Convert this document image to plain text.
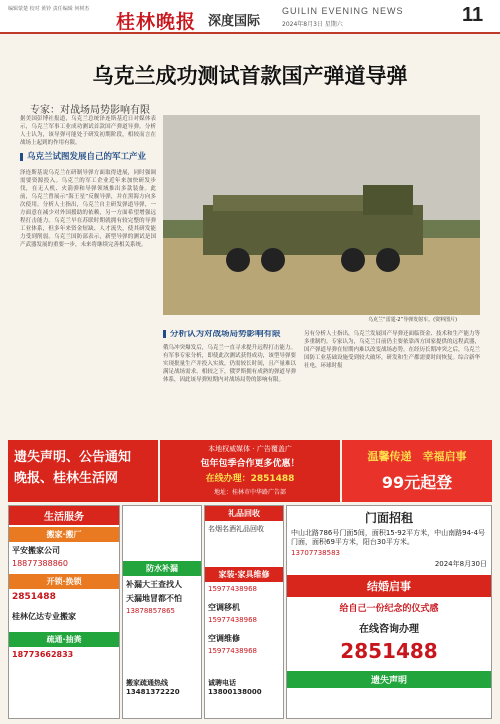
编辑蒙楚 校对 黄铃 责任编辑 何树杰
桂林晚报 深度国际
GUILIN EVENING NEWS
2024年8月3日 星期六	11
乌克兰成功测试首款国产弹道导弹
专家：对战场局势影响有限

据美国彭博社报道，乌克兰总统泽连斯基近日对媒体表示，乌克兰军事工业成功测试首款国产弹道导弹。分析人士认为，该导弹可能处于研发初期阶段，相较而言在战场上起到的作用有限。

乌克兰试图发展自己的军工产业

泽连斯基说乌克兰在研制导弹方面取得进展，同时强调需要资源投入。乌克兰的军工企业近年来加快研发步伐，在无人机、火箭弹和导弹领域推出多款装备。此前，乌克兰曾展示“海王星”反舰导弹，并在黑海方向多次使用。分析人士指出，乌克兰自主研发弹道导弹，一方面意在减少对外国援助的依赖，另一方面希望增强远程打击能力。乌克兰早在苏联时期就拥有较完整的导弹工业体系，但多年来资金短缺、人才流失，使其研发能力受到削弱。乌克兰国防部表示，新型导弹的测试是国产武器发展的重要一步，未来将继续完善相关系统。

乌克兰“雷霆-2”导弹发射车。(资料图片)
分析认为对战场局势影响有限

俄乌冲突爆发后，乌克兰一直寻求提升远程打击能力。有军事专家分析，即使此次测试获得成功，该型导弹要实现批量生产并投入实战，仍需较长时间，且产量难以满足战场需求。相较之下，俄罗斯拥有成熟的弹道导弹体系，因此该导弹短期内对战场局势的影响有限。

另有分析人士指出，乌克兰发展国产导弹还面临资金、技术和生产能力等多重制约。专家认为，乌克兰目前仍主要依靠西方国家提供的远程武器，国产弹道导弹在短期内难以改变战场态势。在经历长期冲突之后，乌克兰国防工业基础设施受到较大破坏，研发和生产都需要时间恢复。综合新华社电，环球时报

遗失声明、公告通知
晚报、桂林生活网
本地权威媒体 · 广告覆盖广
包年包季合作更多优惠！
在线办理：2851488
地址：桂林市中华路广告部
温馨传递　幸福启事
99元起登
生活服务
搬家·搬厂
平安搬家公司
18877388860
开锁·换锁
2851488
桂林亿达专业搬家
疏通·抽粪
18773662833
防水补漏
补漏大王查找人
天漏地冒都不怕
13878857865
搬家疏通热线 13481372220
礼品回收
名烟名酒礼品回收
家装·家具维修
15977438968
空调移机
15977438968
空调维修
15977438968
诚聘电话 13800138000
门面招租
中山北路786号门面5间，面积15-92平方米，中山南路94-4号门面，面积69平方米，阳台30平方米。
13707738583
2024年8月30日
结婚启事
给自己一份纪念的仪式感
在线咨询办理
2851488
遗失声明
